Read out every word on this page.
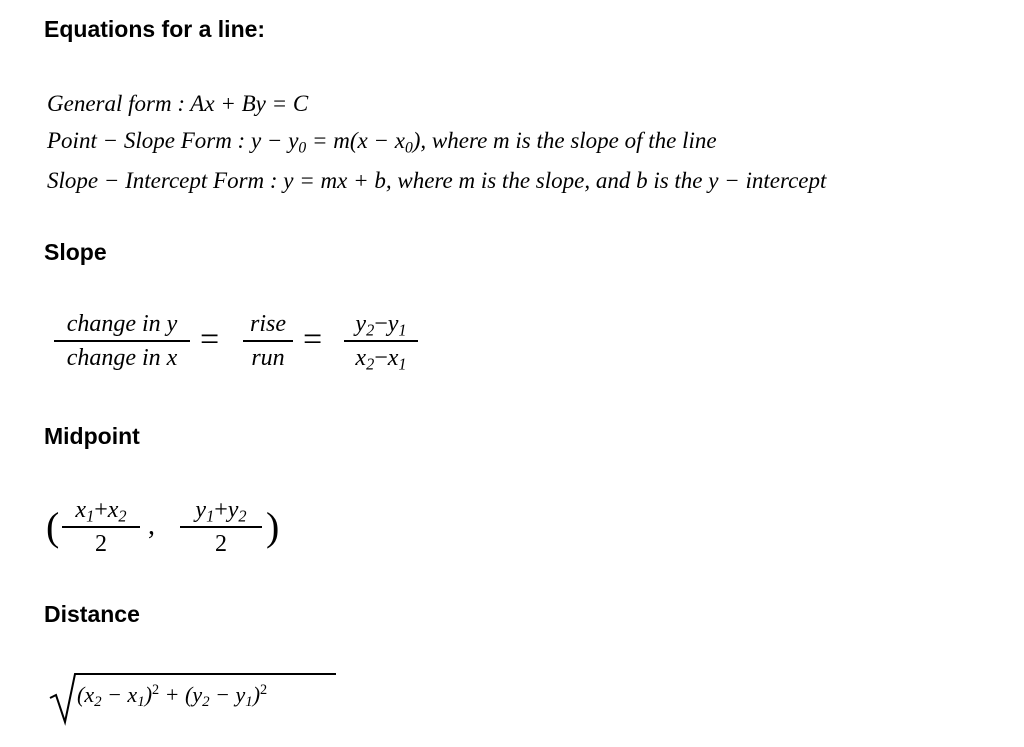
Equations for a line:
General form : Ax + By = C
Point − Slope Form : $y - y_0 = m(x - x_0)$, where m is the slope of the line
Slope − Intercept Form : y = mx + b, where m is the slope, and b is the y − intercept
Slope
change in y
change in x = rise
run =	$y_2-y_1$
$x_2-x_1$
Midpoint
( $x_1+x_2$
2
,	$y_1+y_2$
2 )
Distance
$(x_2 - x_1)^2 + (y_2 - y_1)^2$
